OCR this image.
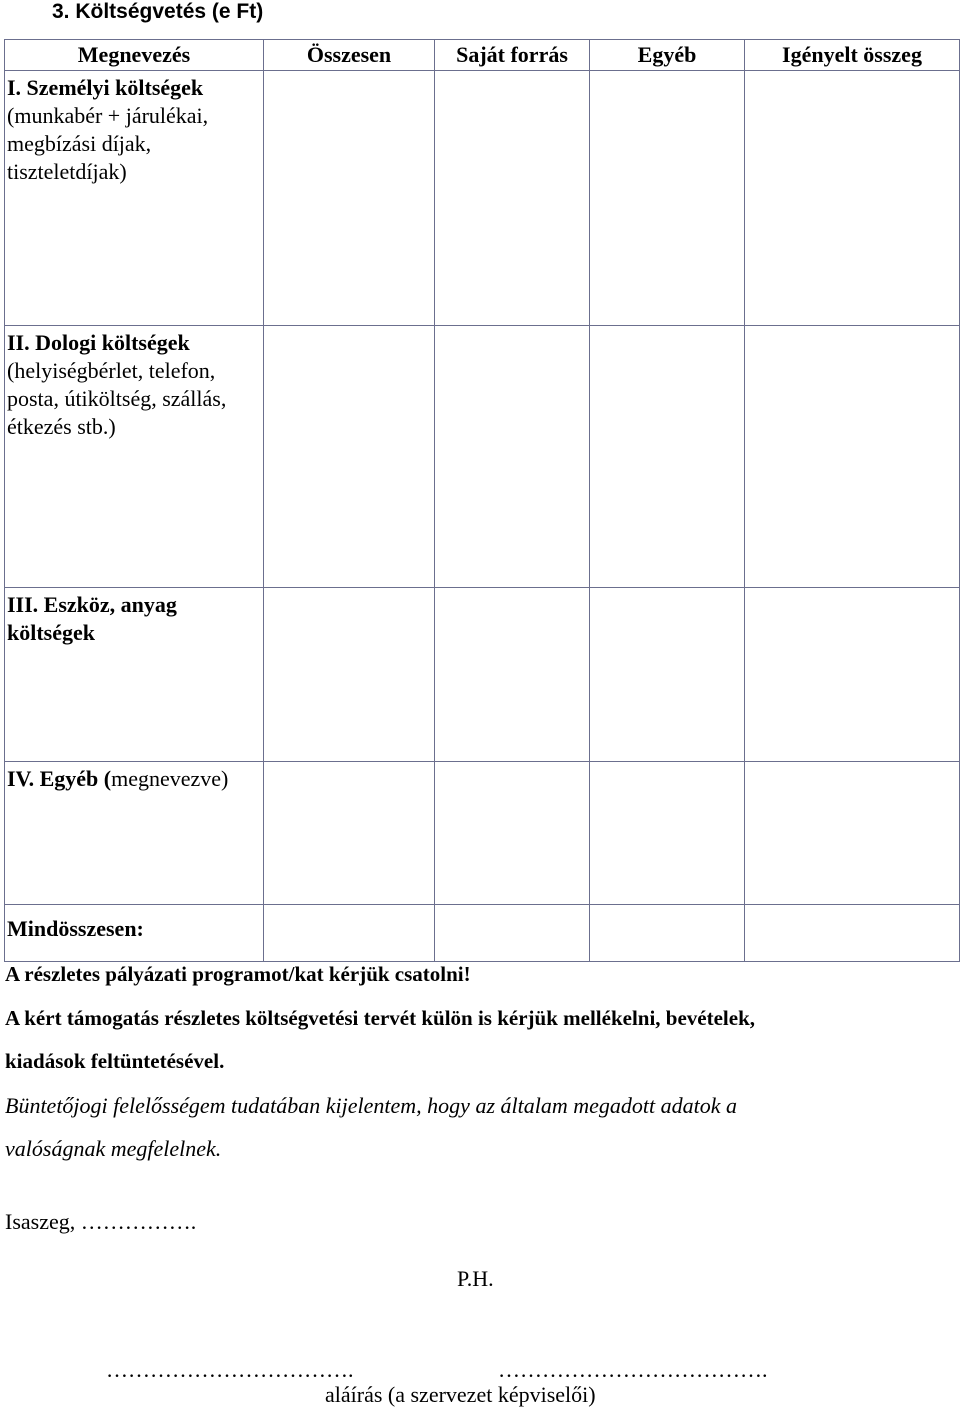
3. Költségvetés (e Ft)
Megnevezés	Összesen	Saját forrás	Egyéb	Igényelt összeg
I. Személyi költségek
(munkabér + járulékai, megbízási díjak, tiszteletdíjak)				
II. Dologi költségek
(helyiségbérlet, telefon, posta, útiköltség, szállás, étkezés stb.)				
III. Eszköz, anyag költségek				
IV. Egyéb (megnevezve)				
Mindösszesen:				
A részletes pályázati programot/kat kérjük csatolni!
A kért támogatás részletes költségvetési tervét külön is kérjük mellékelni, bevételek,
kiadások feltüntetésével.
Büntetőjogi felelősségem tudatában kijelentem, hogy az általam megadott adatok a
valóságnak megfelelnek.
Isaszeg, …………….
P.H.
…………………………….	……………………………….
aláírás (a szervezet képviselői)
